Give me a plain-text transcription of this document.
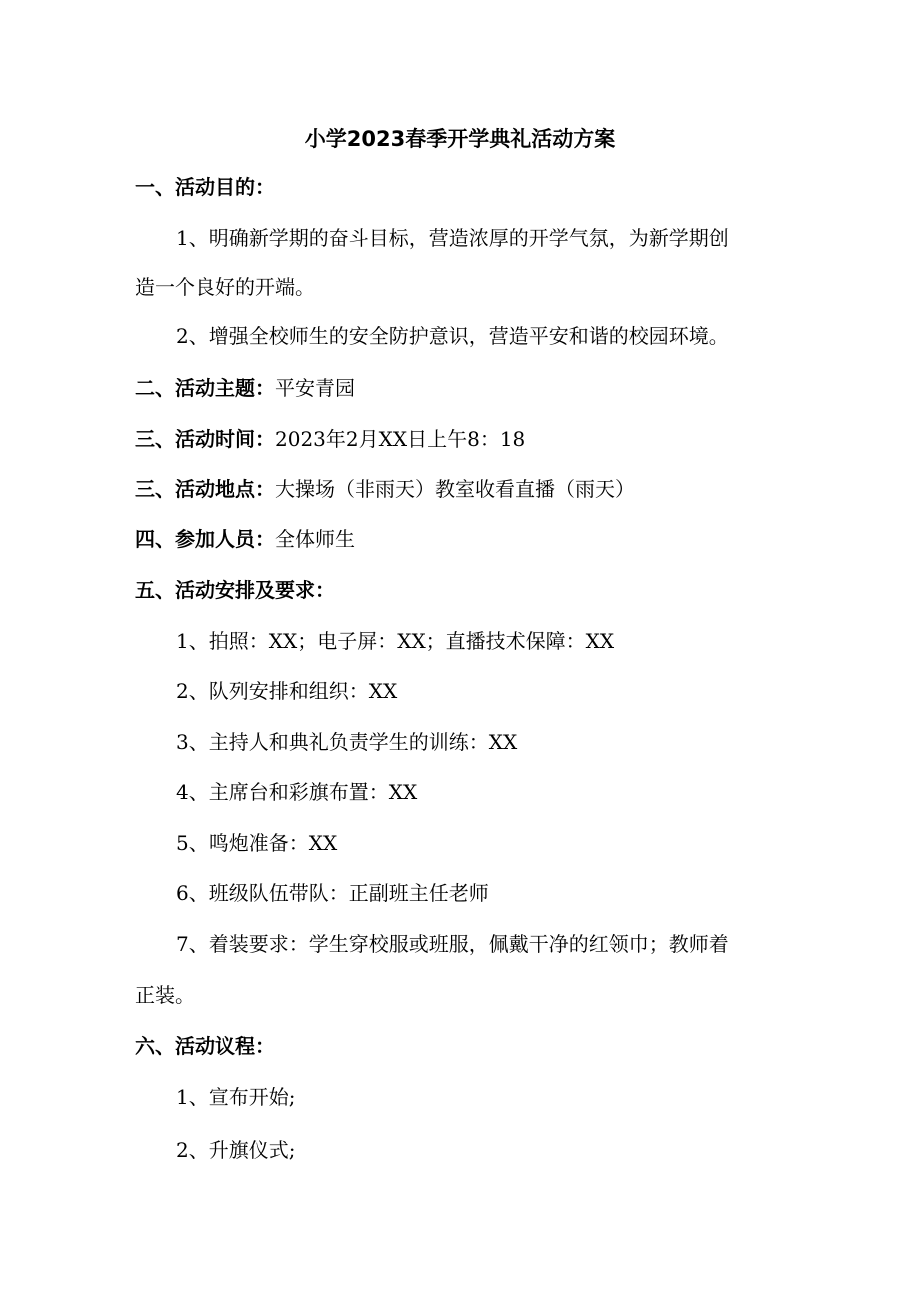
小学2023春季开学典礼活动方案
一、活动目的：
1、明确新学期的奋斗目标，营造浓厚的开学气氛，为新学期创
造一个良好的开端。
2、增强全校师生的安全防护意识，营造平安和谐的校园环境。
二、活动主题：平安青园
三、活动时间：2023年2月XX日上午8：18
三、活动地点：大操场（非雨天）教室收看直播（雨天）
四、参加人员：全体师生
五、活动安排及要求：
1、拍照：XX；电子屏：XX；直播技术保障：XX
2、队列安排和组织：XX
3、主持人和典礼负责学生的训练：XX
4、主席台和彩旗布置：XX
5、鸣炮准备：XX
6、班级队伍带队：正副班主任老师
7、着装要求：学生穿校服或班服，佩戴干净的红领巾；教师着
正装。
六、活动议程：
1、宣布开始;
2、升旗仪式;
